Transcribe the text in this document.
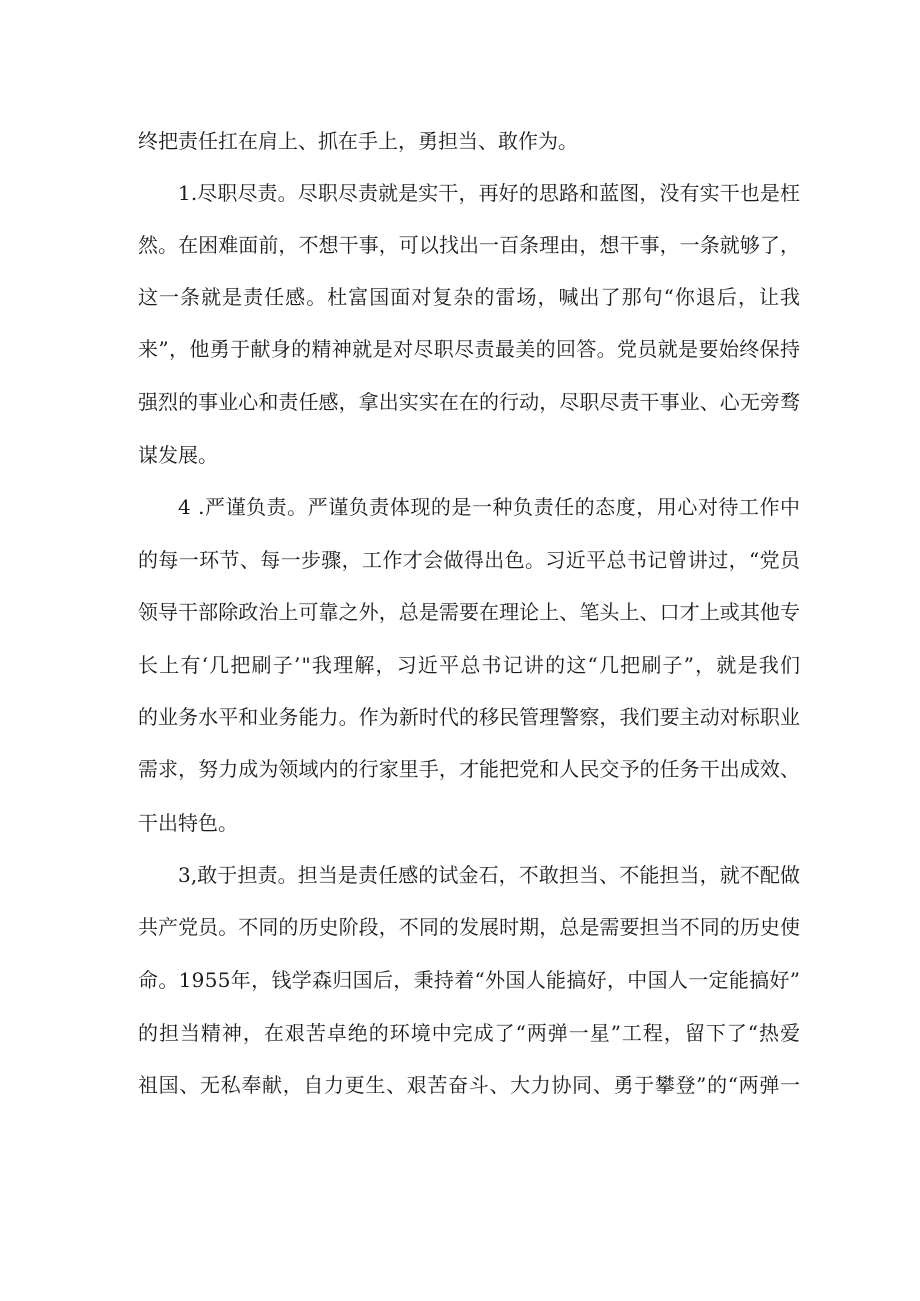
终把责任扛在肩上、抓在手上，勇担当、敢作为。
1.尽职尽责。尽职尽责就是实干，再好的思路和蓝图，没有实干也是枉
然。在困难面前，不想干事，可以找出一百条理由，想干事，一条就够了，
这一条就是责任感。杜富国面对复杂的雷场，喊出了那句“你退后，让我
来”，他勇于献身的精神就是对尽职尽责最美的回答。党员就是要始终保持
强烈的事业心和责任感，拿出实实在在的行动，尽职尽责干事业、心无旁骛
谋发展。
4 .严谨负责。严谨负责体现的是一种负责任的态度，用心对待工作中
的每一环节、每一步骤，工作才会做得出色。习近平总书记曾讲过，“党员
领导干部除政治上可靠之外，总是需要在理论上、笔头上、口才上或其他专
长上有‘几把刷子’"我理解，习近平总书记讲的这“几把刷子”，就是我们
的业务水平和业务能力。作为新时代的移民管理警察，我们要主动对标职业
需求，努力成为领域内的行家里手，才能把党和人民交予的任务干出成效、
干出特色。
3,敢于担责。担当是责任感的试金石，不敢担当、不能担当，就不配做
共产党员。不同的历史阶段，不同的发展时期，总是需要担当不同的历史使
命。1955年，钱学森归国后，秉持着“外国人能搞好，中国人一定能搞好”
的担当精神，在艰苦卓绝的环境中完成了“两弹一星”工程，留下了“热爱
祖国、无私奉献，自力更生、艰苦奋斗、大力协同、勇于攀登”的“两弹一
